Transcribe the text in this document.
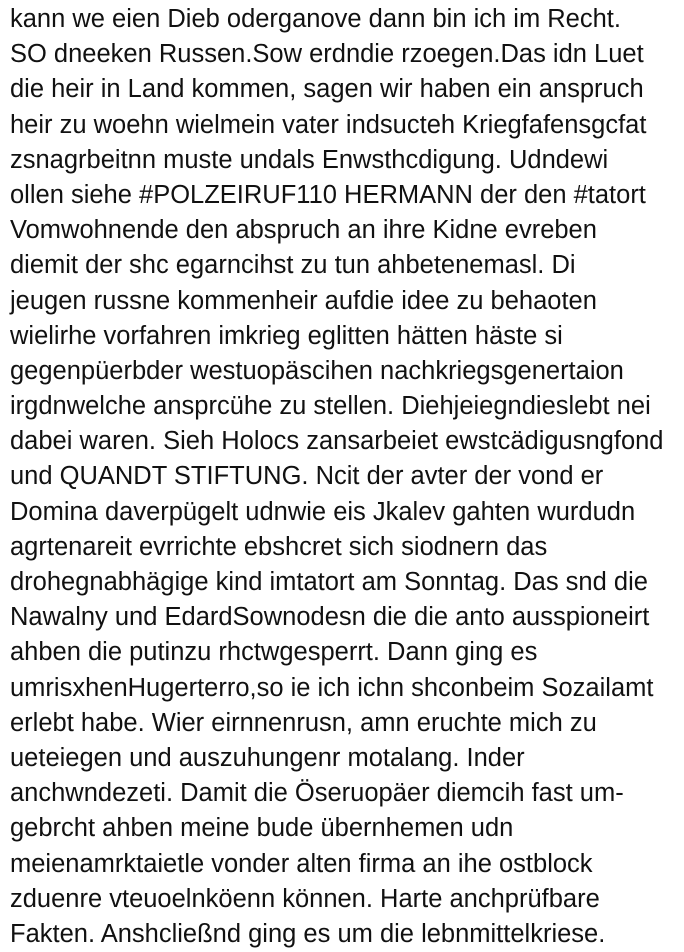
kann we eien Dieb oderganove dann bin ich im Recht.
SO dneeken Russen.Sow erdndie rzoegen.Das idn Luet
die heir in Land kommen, sagen wir haben ein anspruch
heir zu woehn wielmein vater indsucteh Kriegfafensgcfat
zsnagrbeitnn muste undals Enwsthcdigung. Udndewi
ollen siehe #POLZEIRUF110 HERMANN der den #tatort
Vomwohnende den abspruch an ihre Kidne evreben
diemit der shc egarncihst zu tun ahbetenemasl. Di
jeugen russne kommenheir aufdie idee zu behaoten
wielirhe vorfahren imkrieg eglitten hätten häste si
gegenpüerbder westuopäscihen nachkriegsgenertaion
irgdnwelche ansprcühe zu stellen. Diehjeiegndieslebt nei
dabei waren. Sieh Holocs zansarbeiet ewstcädigusngfond
und QUANDT STIFTUNG. Ncit der avter der vond er
Domina daverpügelt udnwie eis Jkalev gahten wurdudn
agrtenareit evrrichte ebshcret sich siodnern das
drohegnabhägige kind imtatort am Sonntag. Das snd die
Nawalny und EdardSownodesn die die anto ausspioneirt
ahben die putinzu rhctwgesperrt. Dann ging es
umrisxhenHugerterro,so ie ich ichn shconbeim Sozailamt
erlebt habe. Wier eirnnenrusn, amn eruchte mich zu
ueteiegen und auszuhungenr motalang. Inder
anchwndezeti. Damit die Öseruopäer diemcih fast um-
gebrcht ahben meine bude übernhemen udn
meienamrktaietle vonder alten firma an ihe ostblock
zduenre vteuoelnköenn können. Harte anchprüfbare
Fakten. Anshcließnd ging es um die lebnmittelkriese.
